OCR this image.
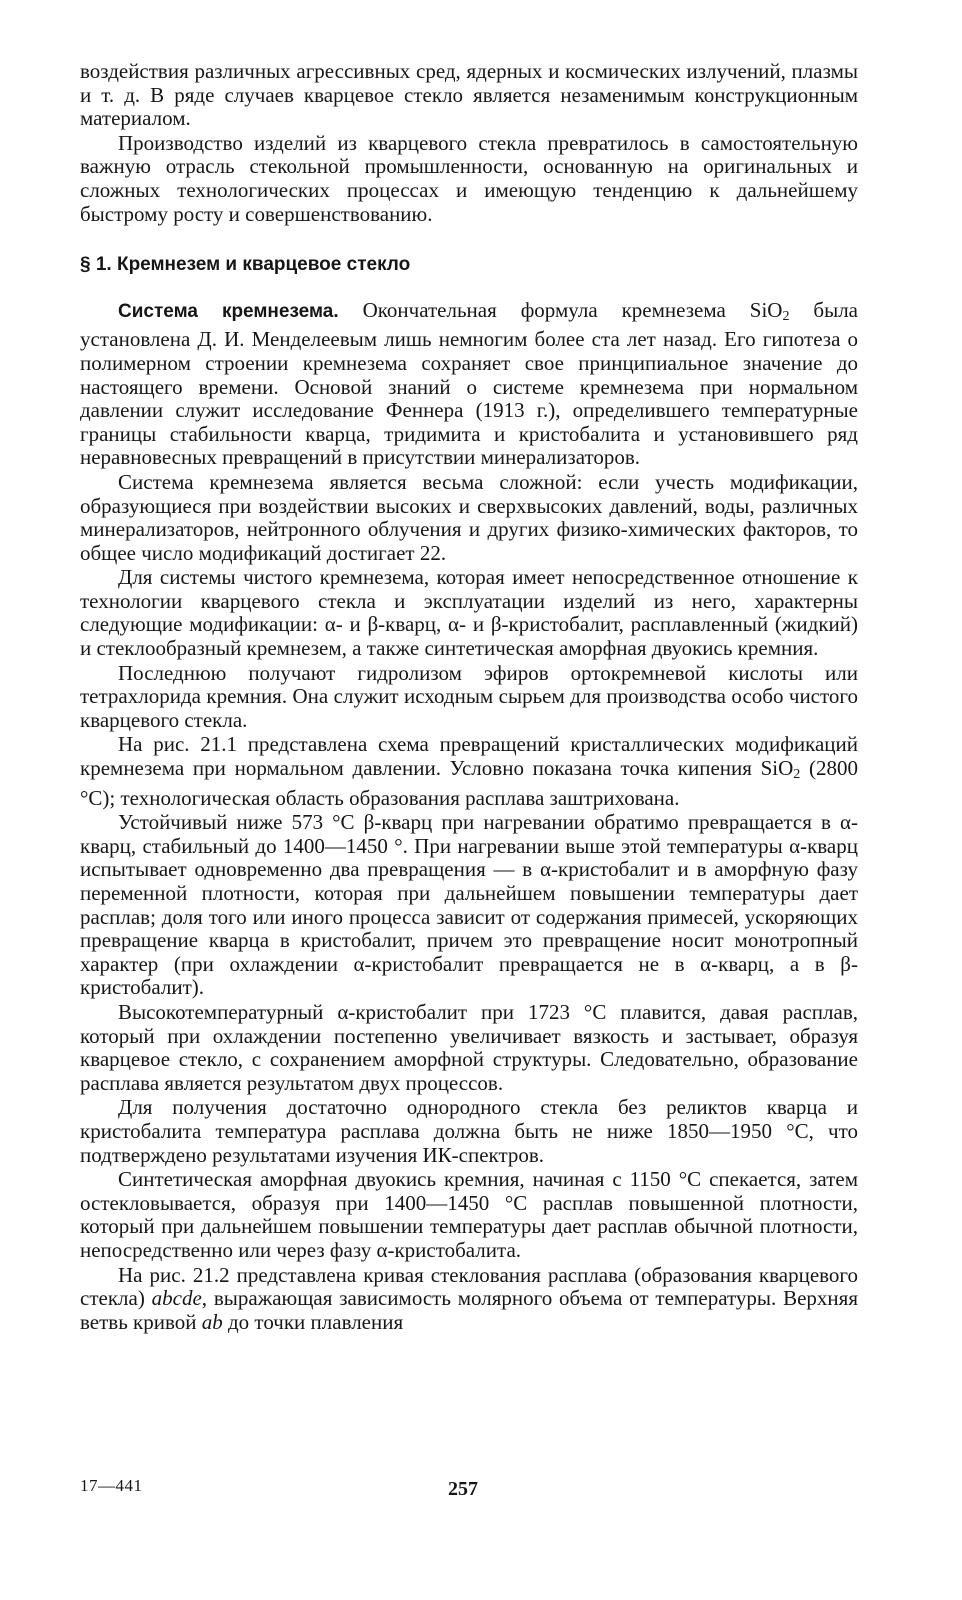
воздействия различных агрессивных сред, ядерных и космических излучений, плазмы и т. д. В ряде случаев кварцевое стекло является незаменимым конструкционным материалом.

Производство изделий из кварцевого стекла превратилось в самостоятельную важную отрасль стекольной промышленности, основанную на оригинальных и сложных технологических процессах и имеющую тенденцию к дальнейшему быстрому росту и совершенствованию.

§ 1. Кремнезем и кварцевое стекло

Система кремнезема. Окончательная формула кремнезема SiO$_2$ была установлена Д. И. Менделеевым лишь немногим более ста лет назад. Его гипотеза о полимерном строении кремнезема сохраняет свое принципиальное значение до настоящего времени. Основой знаний о системе кремнезема при нормальном давлении служит исследование Феннера (1913 г.), определившего температурные границы стабильности кварца, тридимита и кристобалита и установившего ряд неравновесных превращений в присутствии минерализаторов.

Система кремнезема является весьма сложной: если учесть модификации, образующиеся при воздействии высоких и сверхвысоких давлений, воды, различных минерализаторов, нейтронного облучения и других физико-химических факторов, то общее число модификаций достигает 22.

Для системы чистого кремнезема, которая имеет непосредственное отношение к технологии кварцевого стекла и эксплуатации изделий из него, характерны следующие модификации: α- и β-кварц, α- и β-кристобалит, расплавленный (жидкий) и стеклообразный кремнезем, а также синтетическая аморфная двуокись кремния.

Последнюю получают гидролизом эфиров ортокремневой кислоты или тетрахлорида кремния. Она служит исходным сырьем для производства особо чистого кварцевого стекла.

На рис. 21.1 представлена схема превращений кристаллических модификаций кремнезема при нормальном давлении. Условно показана точка кипения SiO$_2$ (2800 °С); технологическая область образования расплава заштрихована.

Устойчивый ниже 573 °С β-кварц при нагревании обратимо превращается в α-кварц, стабильный до 1400—1450 °. При нагревании выше этой температуры α-кварц испытывает одновременно два превращения — в α-кристобалит и в аморфную фазу переменной плотности, которая при дальнейшем повышении температуры дает расплав; доля того или иного процесса зависит от содержания примесей, ускоряющих превращение кварца в кристобалит, причем это превращение носит монотропный характер (при охлаждении α-кристобалит превращается не в α-кварц, а в β-кристобалит).

Высокотемпературный α-кристобалит при 1723 °С плавится, давая расплав, который при охлаждении постепенно увеличивает вязкость и застывает, образуя кварцевое стекло, с сохранением аморфной структуры. Следовательно, образование расплава является результатом двух процессов.

Для получения достаточно однородного стекла без реликтов кварца и кристобалита температура расплава должна быть не ниже 1850—1950 °С, что подтверждено результатами изучения ИК-спектров.

Синтетическая аморфная двуокись кремния, начиная с 1150 °С спекается, затем остекловывается, образуя при 1400—1450 °С расплав повышенной плотности, который при дальнейшем повышении температуры дает расплав обычной плотности, непосредственно или через фазу α-кристобалита.

На рис. 21.2 представлена кривая стеклования расплава (образования кварцевого стекла) abcde, выражающая зависимость молярного объема от температуры. Верхняя ветвь кривой ab до точки плавления

17—441	257
